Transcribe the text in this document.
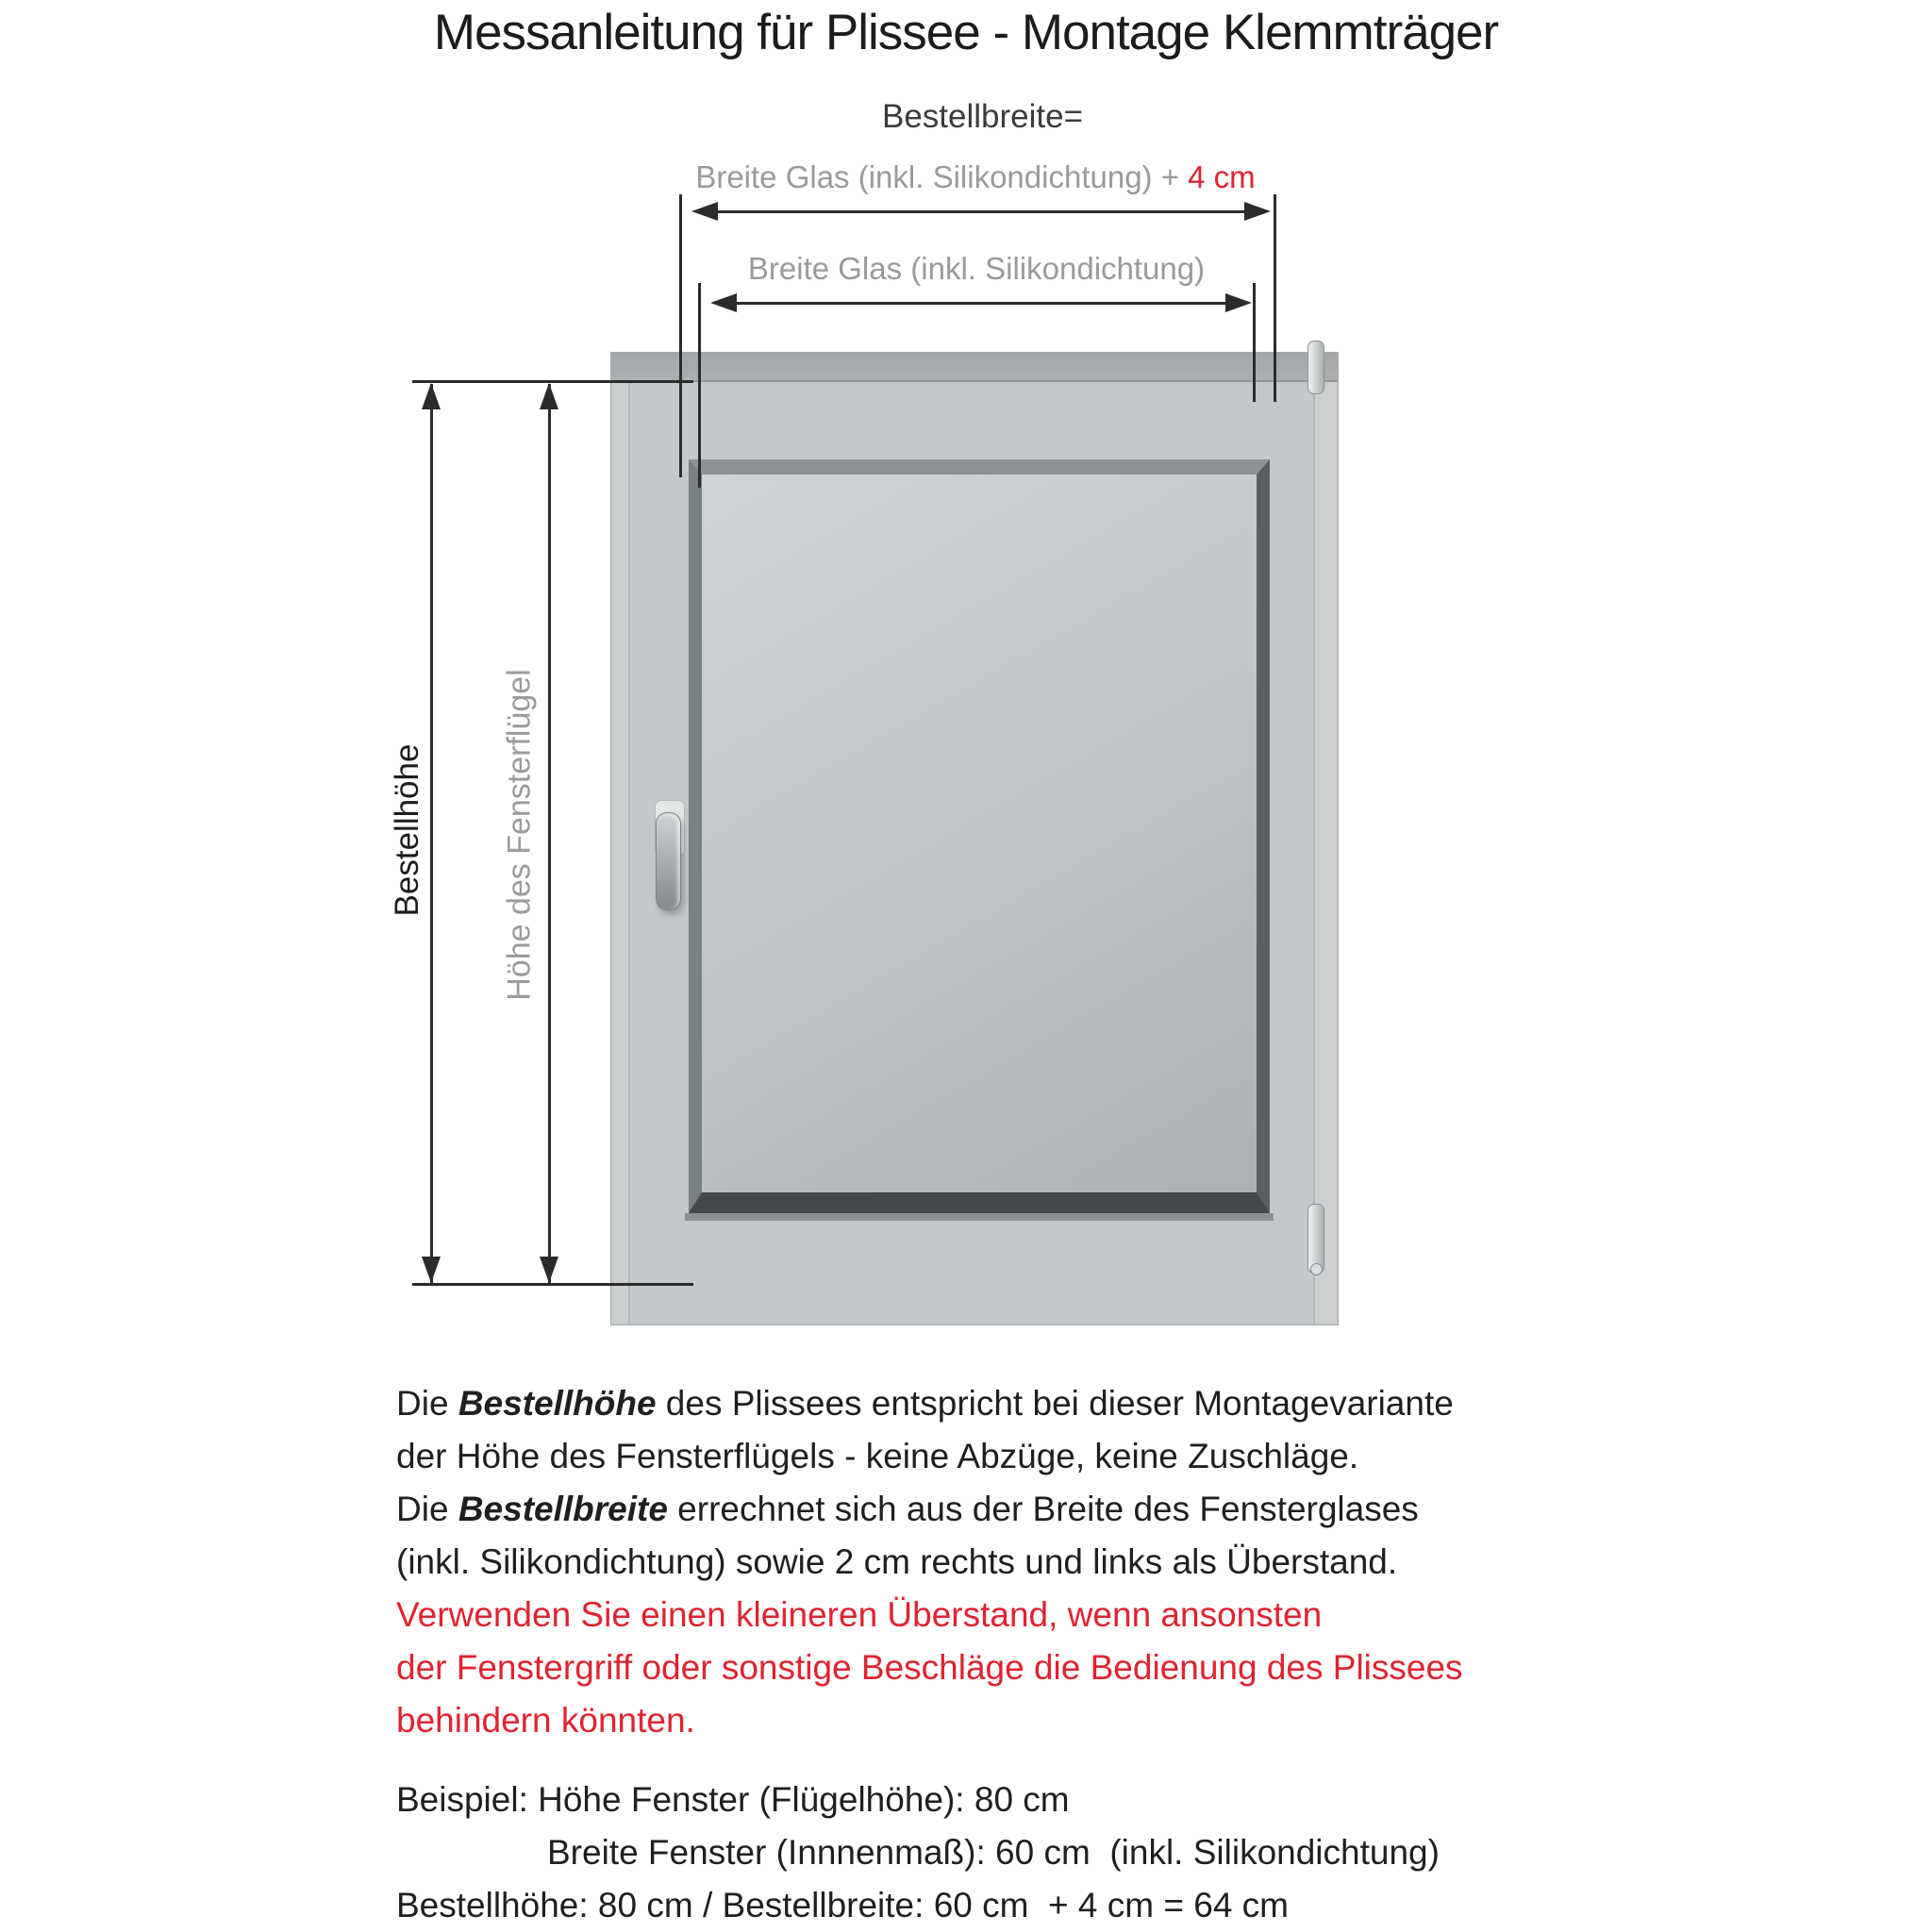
Messanleitung für Plissee - Montage Klemmträger
Bestellbreite=
Breite Glas (inkl. Silikondichtung) + 4 cm
Breite Glas (inkl. Silikondichtung)
Bestellhöhe Höhe des Fensterflügel
Die Bestellhöhe des Plissees entspricht bei dieser Montagevariante
der Höhe des Fensterflügels - keine Abzüge, keine Zuschläge.
Die Bestellbreite errechnet sich aus der Breite des Fensterglases
(inkl. Silikondichtung) sowie 2 cm rechts und links als Überstand.
Verwenden Sie einen kleineren Überstand, wenn ansonsten
der Fenstergriff oder sonstige Beschläge die Bedienung des Plissees
behindern könnten.
Beispiel: Höhe Fenster (Flügelhöhe): 80 cm
Breite Fenster (Innnenmaß): 60 cm  (inkl. Silikondichtung)
Bestellhöhe: 80 cm / Bestellbreite: 60 cm  + 4 cm = 64 cm
